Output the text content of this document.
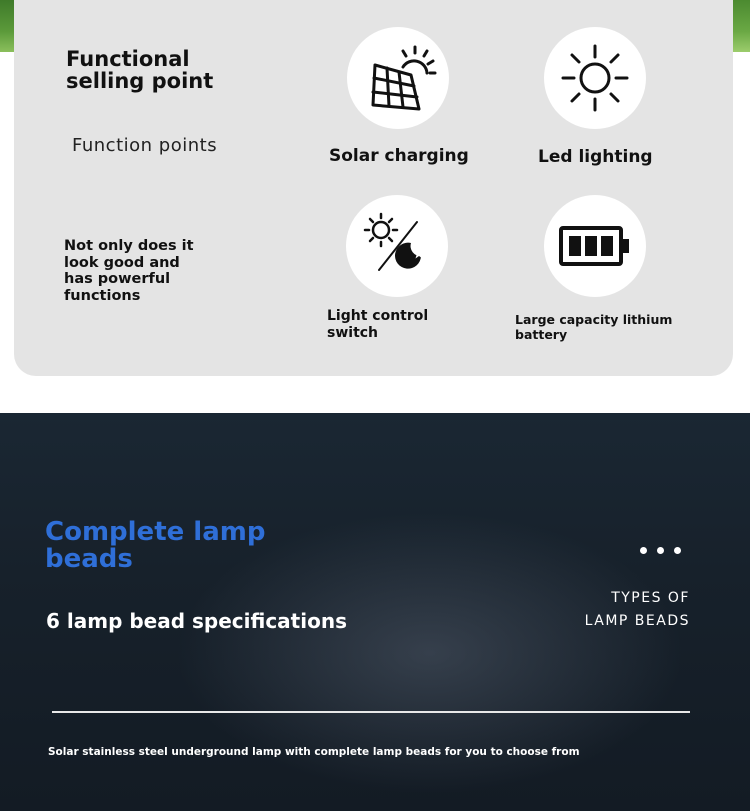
Functional selling point
Function points
Not only does it look good and has powerful functions
Solar charging	Led lighting
Light control switch
Large capacity lithium battery
Complete lamp beads
6 lamp bead specifications
TYPES OF
LAMP BEADS
Solar stainless steel underground lamp with complete lamp beads for you to choose from
